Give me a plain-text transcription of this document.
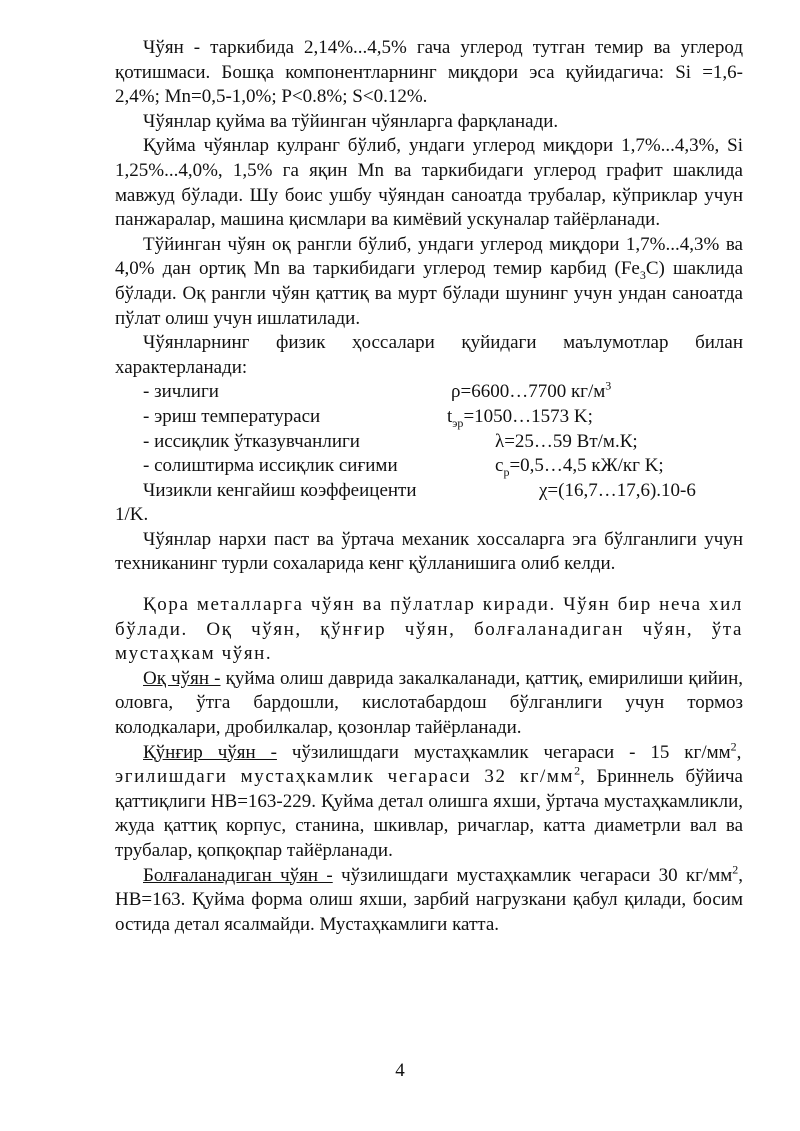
Чўян - таркибида 2,14%...4,5% гача углерод тутган темир ва углерод қотишмаси. Бошқа компонентларнинг миқдори эса қуйидагича: Si =1,6-2,4%; Mn=0,5-1,0%; P<0.8%; S<0.12%.

Чўянлар қуйма ва тўйинган чўянларга фарқланади.

Қуйма чўянлар кулранг бўлиб, ундаги углерод миқдори 1,7%...4,3%, Si 1,25%...4,0%, 1,5% га яқин Mn ва таркибидаги углерод графит шаклида мавжуд бўлади. Шу боис ушбу чўяндан саноатда трубалар, кўприклар учун панжаралар, машина қисмлари ва кимёвий ускуналар тайёрланади.

Тўйинган чўян оқ рангли бўлиб, ундаги углерод миқдори 1,7%...4,3% ва 4,0% дан ортиқ Mn ва таркибидаги углерод темир карбид $(Fe_3C)$ шаклида бўлади. Оқ рангли чўян қаттиқ ва мурт бўлади шунинг учун ундан саноатда пўлат олиш учун ишлатилади.

Чўянларнинг физик ҳоссалари қуйидаги маълумотлар билан характерланади:

- зичлиги	ρ=6600…7700 $кг/м^3$
- эриш температураси	$t_{эр}=1050\dots 1573$ K;
- иссиқлик ўтказувчанлиги	λ=25…59 Вт/м.К;
- солиштирма иссиқлик сиғими	$c_р=0,5\dots 4,5$ кЖ/кг K;
Чизикли кенгайиш коэффеиценти	χ=(16,7…17,6).10-6

1/K.

Чўянлар нархи паст ва ўртача механик хоссаларга эга бўлганлиги учун техниканинг турли сохаларида кенг қўлланишига олиб келди.

Қора металларга чўян ва пўлатлар киради. Чўян бир неча хил бўлади. Оқ чўян, қўнғир чўян, болғаланадиган чўян, ўта мустаҳкам чўян.

Оқ чўян - қуйма олиш даврида закалкаланади, қаттиқ, емирилиши қийин, оловга, ўтга бардошли, кислотабардош бўлганлиги учун тормоз колодкалари, дробилкалар, қозонлар тайёрланади.

Қўнғир чўян - чўзилишдаги мустаҳкамлик чегараси - 15 $кг/мм^2$, эгилишдаги мустаҳкамлик чегараси 32 $кг/мм^2$, Бриннель бўйича қаттиқлиги HB=163-229. Қуйма детал олишга яхши, ўртача мустаҳкамликли, жуда қаттиқ корпус, станина, шкивлар, ричаглар, катта диаметрли вал ва трубалар, қопқоқпар тайёрланади.

Болғаланадиган чўян - чўзилишдаги мустаҳкамлик чегараси 30 $кг/мм^2$, HB=163. Қуйма форма олиш яхши, зарбий нагрузкани қабул қилади, босим остида детал ясалмайди. Мустаҳкамлиги катта.

4
